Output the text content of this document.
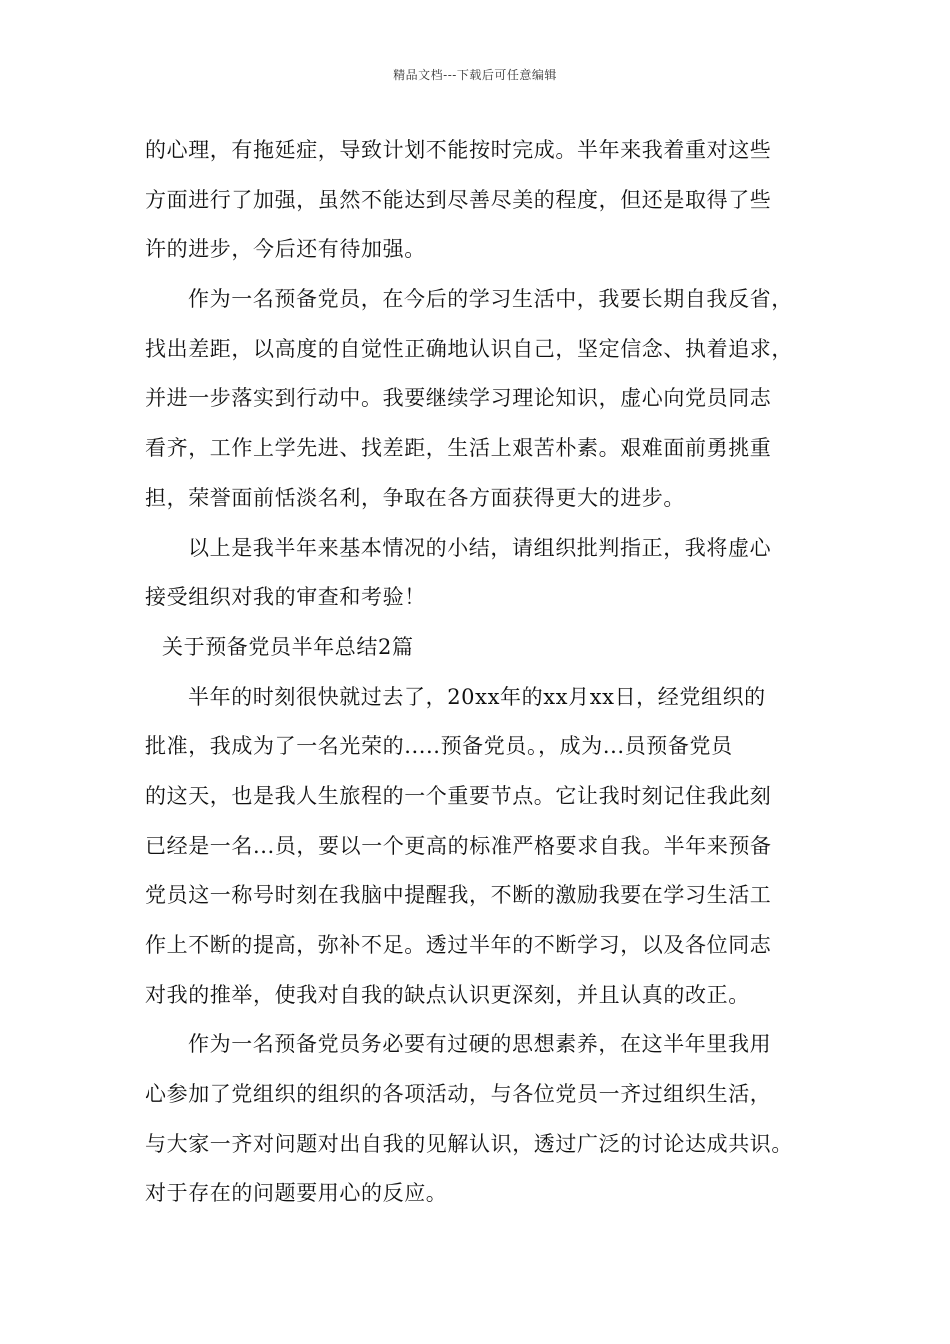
精品文档---下载后可任意编辑
的心理，有拖延症，导致计划不能按时完成。半年来我着重对这些
方面进行了加强，虽然不能达到尽善尽美的程度，但还是取得了些
许的进步，今后还有待加强。
作为一名预备党员，在今后的学习生活中，我要长期自我反省，
找出差距，以高度的自觉性正确地认识自己，坚定信念、执着追求，
并进一步落实到行动中。我要继续学习理论知识，虚心向党员同志
看齐，工作上学先进、找差距，生活上艰苦朴素。艰难面前勇挑重
担，荣誉面前恬淡名利，争取在各方面获得更大的进步。
以上是我半年来基本情况的小结，请组织批判指正，我将虚心
接受组织对我的审查和考验！
关于预备党员半年总结2篇
半年的时刻很快就过去了，20xx年的xx月xx日，经党组织的
批准，我成为了一名光荣的.....预备党员。，成为...员预备党员
的这天，也是我人生旅程的一个重要节点。它让我时刻记住我此刻
已经是一名...员，要以一个更高的标准严格要求自我。半年来预备
党员这一称号时刻在我脑中提醒我，不断的激励我要在学习生活工
作上不断的提高，弥补不足。透过半年的不断学习，以及各位同志
对我的推举，使我对自我的缺点认识更深刻，并且认真的改正。
作为一名预备党员务必要有过硬的思想素养，在这半年里我用
心参加了党组织的组织的各项活动，与各位党员一齐过组织生活，
与大家一齐对问题对出自我的见解认识，透过广泛的讨论达成共识。
对于存在的问题要用心的反应。
